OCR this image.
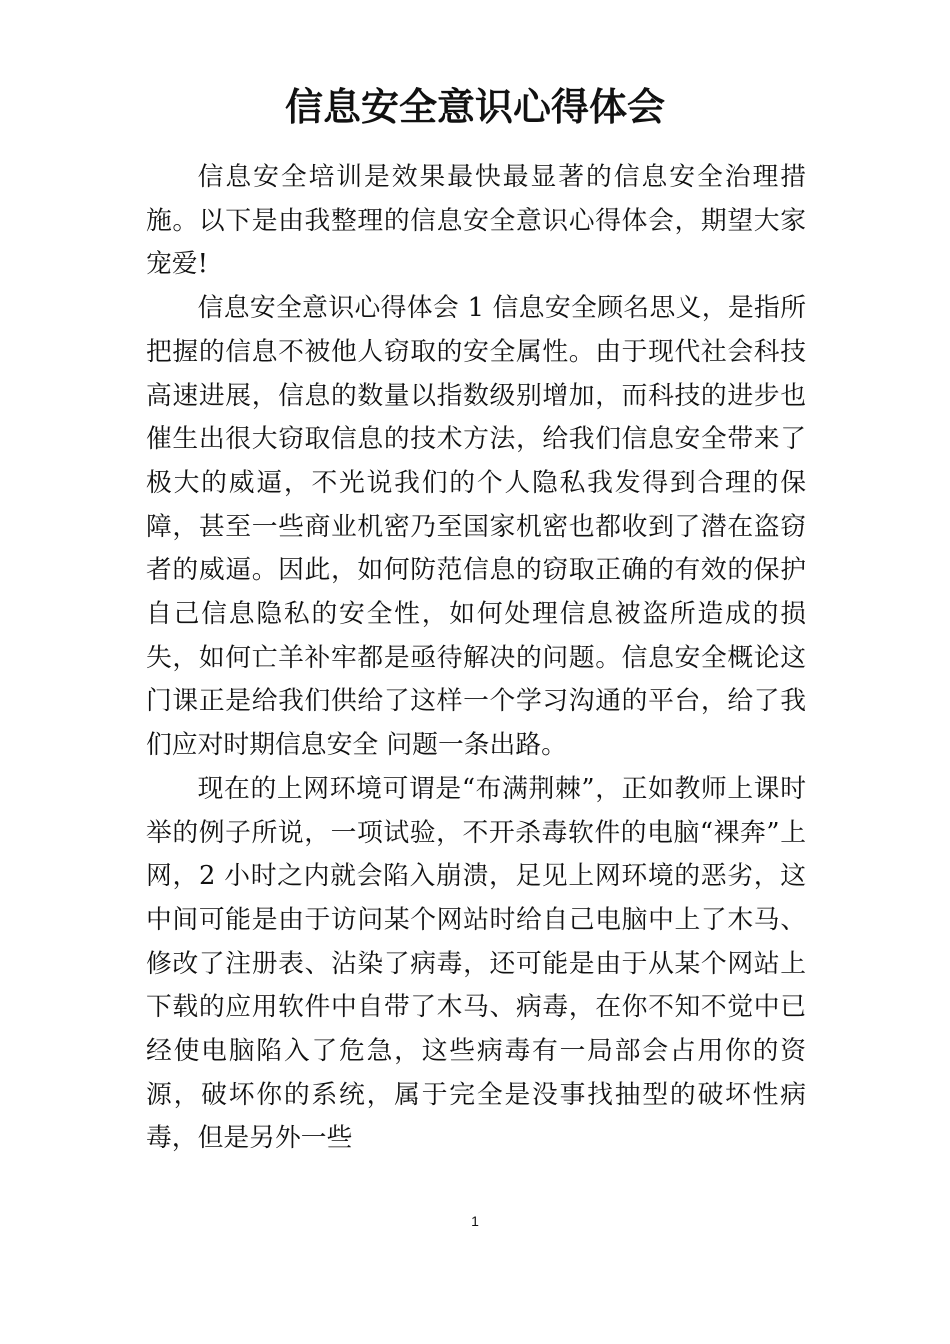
信息安全意识心得体会

信息安全培训是效果最快最显著的信息安全治理措施。以下是由我整理的信息安全意识心得体会，期望大家宠爱!

信息安全意识心得体会 1 信息安全顾名思义，是指所把握的信息不被他人窃取的安全属性。由于现代社会科技高速进展，信息的数量以指数级别增加，而科技的进步也催生出很大窃取信息的技术方法，给我们信息安全带来了极大的威逼，不光说我们的个人隐私我发得到合理的保障，甚至一些商业机密乃至国家机密也都收到了潜在盗窃者的威逼。因此，如何防范信息的窃取正确的有效的保护自己信息隐私的安全性，如何处理信息被盗所造成的损失，如何亡羊补牢都是亟待解决的问题。信息安全概论这门课正是给我们供给了这样一个学习沟通的平台，给了我们应对时期信息安全 问题一条出路。

现在的上网环境可谓是“布满荆棘”，正如教师上课时举的例子所说，一项试验，不开杀毒软件的电脑“裸奔”上网，2 小时之内就会陷入崩溃，足见上网环境的恶劣，这中间可能是由于访问某个网站时给自己电脑中上了木马、修改了注册表、沾染了病毒，还可能是由于从某个网站上下载的应用软件中自带了木马、病毒，在你不知不觉中已经使电脑陷入了危急，这些病毒有一局部会占用你的资源，破坏你的系统，属于完全是没事找抽型的破坏性病毒，但是另外一些

1
